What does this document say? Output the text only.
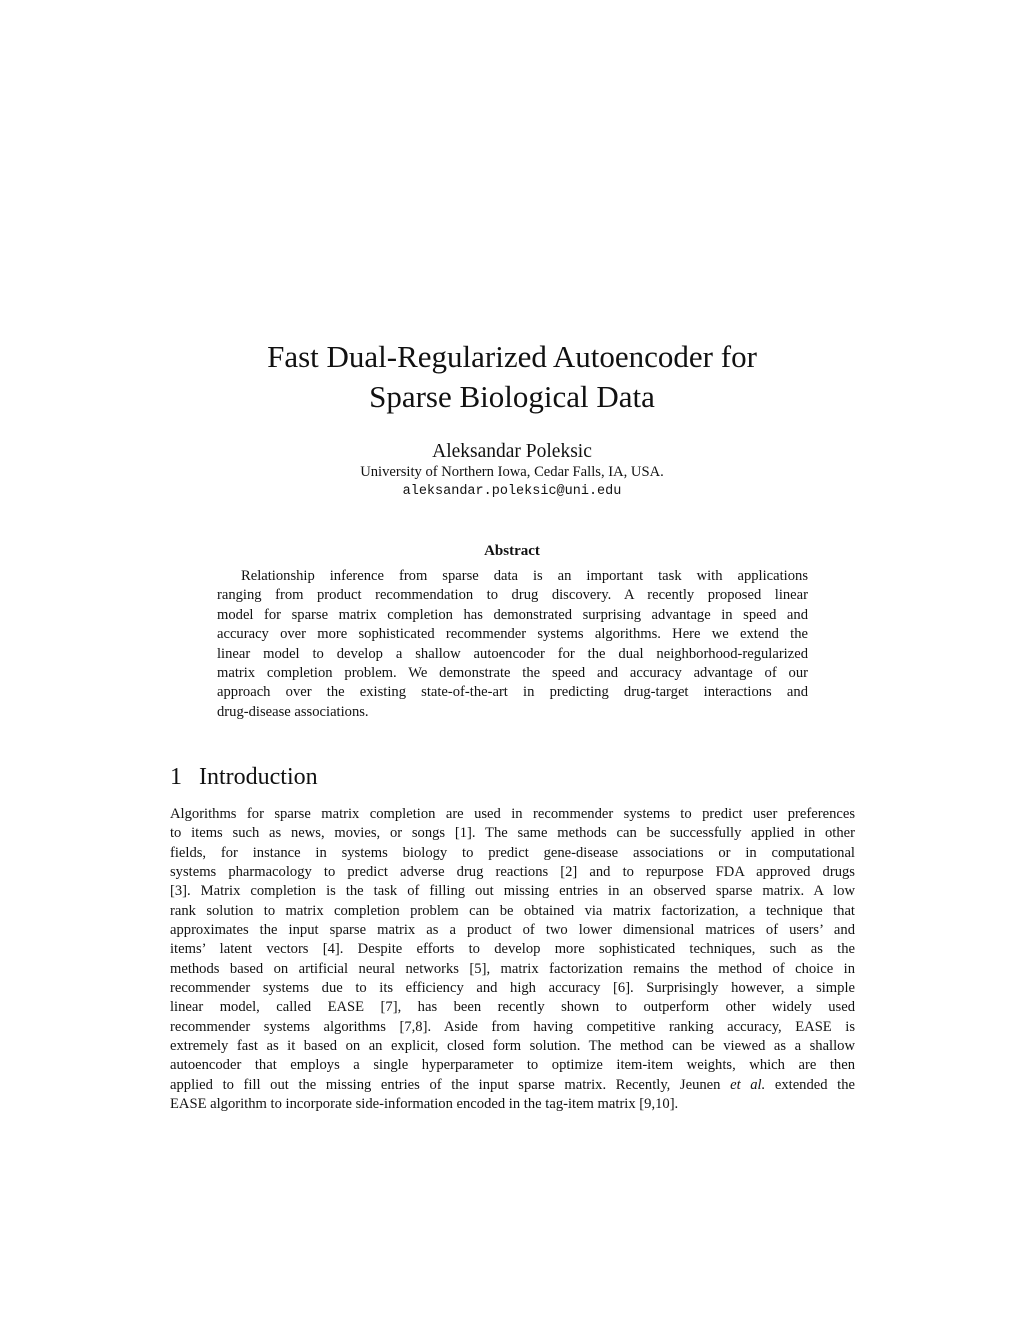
Fast Dual-Regularized Autoencoder for
Sparse Biological Data
Aleksandar Poleksic
University of Northern Iowa, Cedar Falls, IA, USA.
aleksandar.poleksic@uni.edu
Abstract
Relationship inference from sparse data is an important task with applications
ranging from product recommendation to drug discovery. A recently proposed linear
model for sparse matrix completion has demonstrated surprising advantage in speed and
accuracy over more sophisticated recommender systems algorithms. Here we extend the
linear model to develop a shallow autoencoder for the dual neighborhood-regularized
matrix completion problem. We demonstrate the speed and accuracy advantage of our
approach over the existing state-of-the-art in predicting drug-target interactions and
drug-disease associations.
1 Introduction
Algorithms for sparse matrix completion are used in recommender systems to predict user preferences
to items such as news, movies, or songs [1]. The same methods can be successfully applied in other
fields, for instance in systems biology to predict gene-disease associations or in computational
systems pharmacology to predict adverse drug reactions [2] and to repurpose FDA approved drugs
[3]. Matrix completion is the task of filling out missing entries in an observed sparse matrix. A low
rank solution to matrix completion problem can be obtained via matrix factorization, a technique that
approximates the input sparse matrix as a product of two lower dimensional matrices of users’ and
items’ latent vectors [4]. Despite efforts to develop more sophisticated techniques, such as the
methods based on artificial neural networks [5], matrix factorization remains the method of choice in
recommender systems due to its efficiency and high accuracy [6]. Surprisingly however, a simple
linear model, called EASE [7], has been recently shown to outperform other widely used
recommender systems algorithms [7,8]. Aside from having competitive ranking accuracy, EASE is
extremely fast as it based on an explicit, closed form solution. The method can be viewed as a shallow
autoencoder that employs a single hyperparameter to optimize item-item weights, which are then
applied to fill out the missing entries of the input sparse matrix. Recently, Jeunen et al. extended the
EASE algorithm to incorporate side-information encoded in the tag-item matrix [9,10].
